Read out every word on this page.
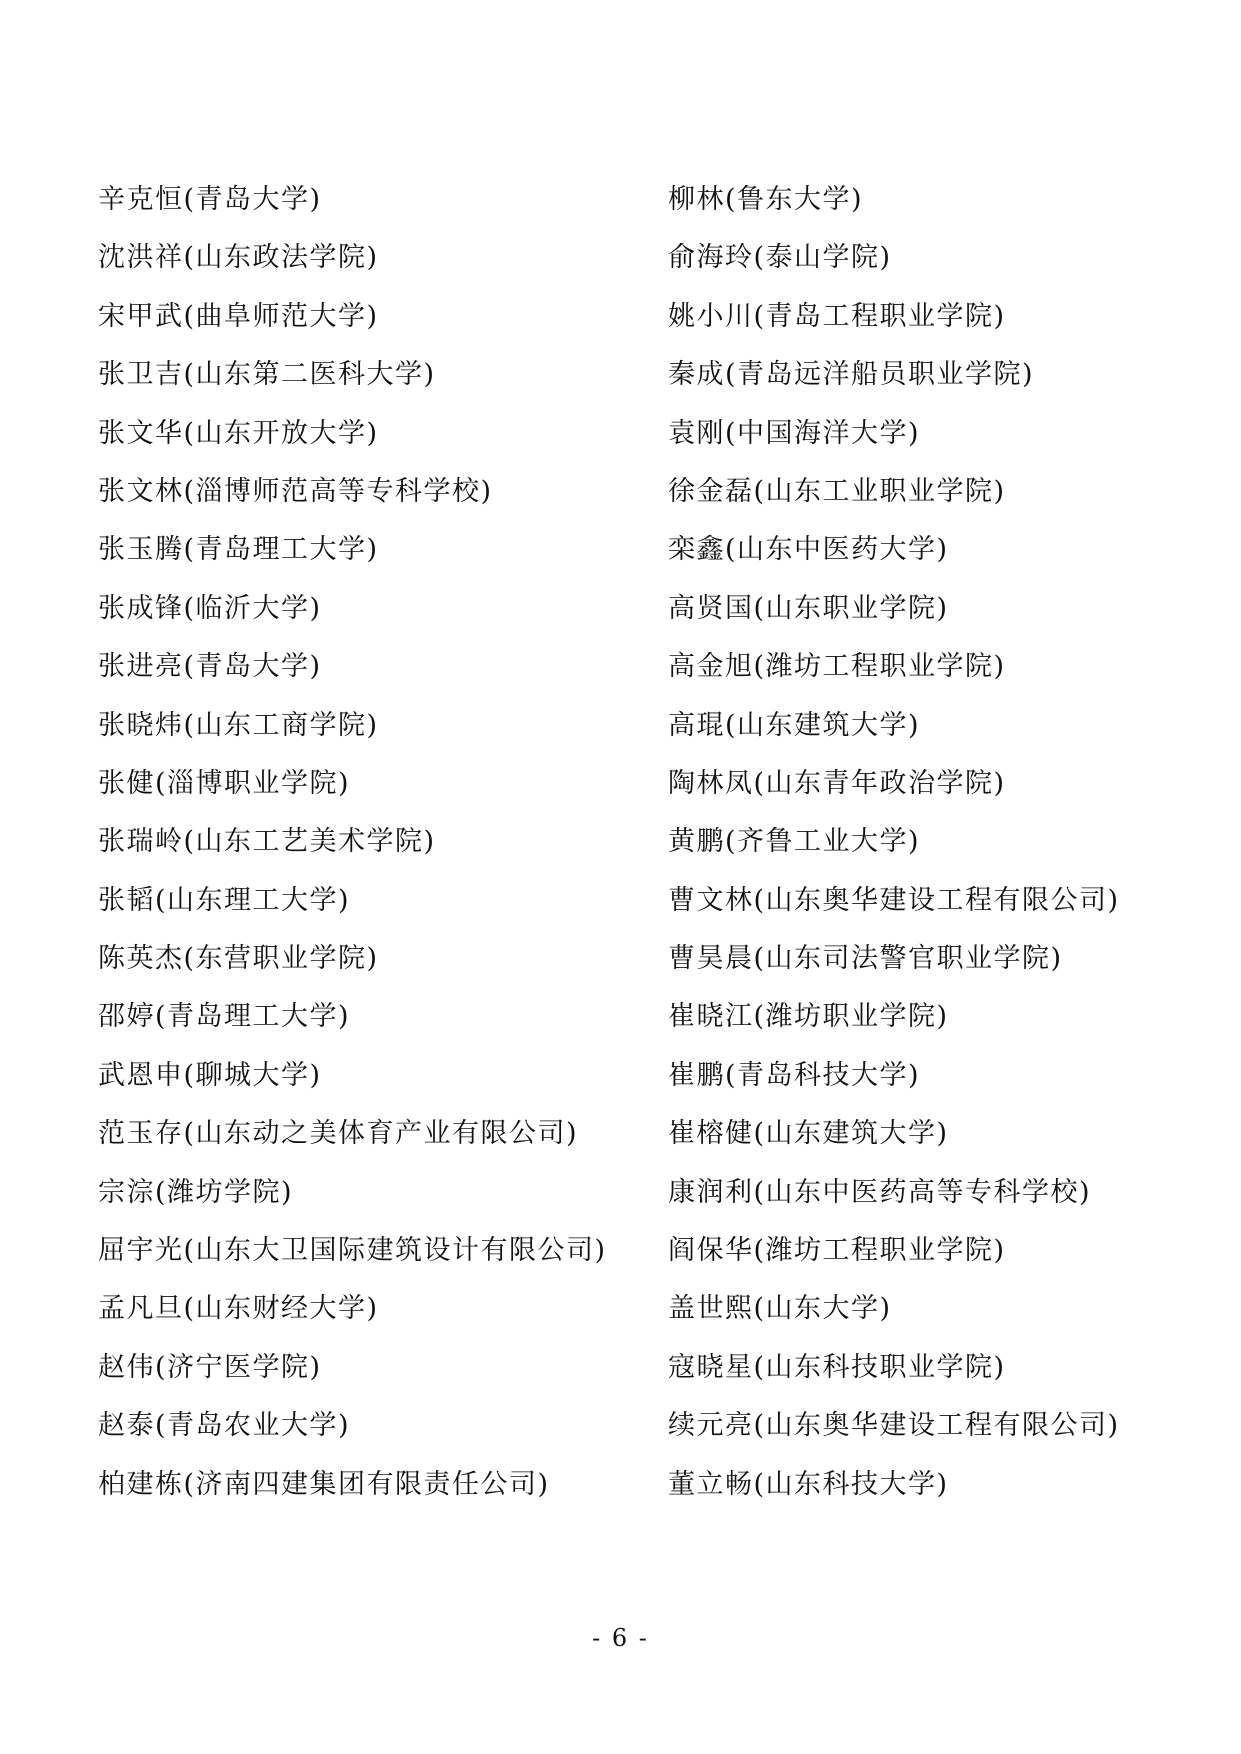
辛克恒(青岛大学)
沈洪祥(山东政法学院)
宋甲武(曲阜师范大学)
张卫吉(山东第二医科大学)
张文华(山东开放大学)
张文林(淄博师范高等专科学校)
张玉腾(青岛理工大学)
张成锋(临沂大学)
张进亮(青岛大学)
张晓炜(山东工商学院)
张健(淄博职业学院)
张瑞岭(山东工艺美术学院)
张韬(山东理工大学)
陈英杰(东营职业学院)
邵婷(青岛理工大学)
武恩申(聊城大学)
范玉存(山东动之美体育产业有限公司)
宗淙(潍坊学院)
屈宇光(山东大卫国际建筑设计有限公司)
孟凡旦(山东财经大学)
赵伟(济宁医学院)
赵泰(青岛农业大学)
柏建栋(济南四建集团有限责任公司)
柳林(鲁东大学)
俞海玲(泰山学院)
姚小川(青岛工程职业学院)
秦成(青岛远洋船员职业学院)
袁刚(中国海洋大学)
徐金磊(山东工业职业学院)
栾鑫(山东中医药大学)
高贤国(山东职业学院)
高金旭(潍坊工程职业学院)
高琨(山东建筑大学)
陶林凤(山东青年政治学院)
黄鹏(齐鲁工业大学)
曹文林(山东奥华建设工程有限公司)
曹昊晨(山东司法警官职业学院)
崔晓江(潍坊职业学院)
崔鹏(青岛科技大学)
崔榕健(山东建筑大学)
康润利(山东中医药高等专科学校)
阎保华(潍坊工程职业学院)
盖世熙(山东大学)
寇晓星(山东科技职业学院)
续元亮(山东奥华建设工程有限公司)
董立畅(山东科技大学)
- 6 -
